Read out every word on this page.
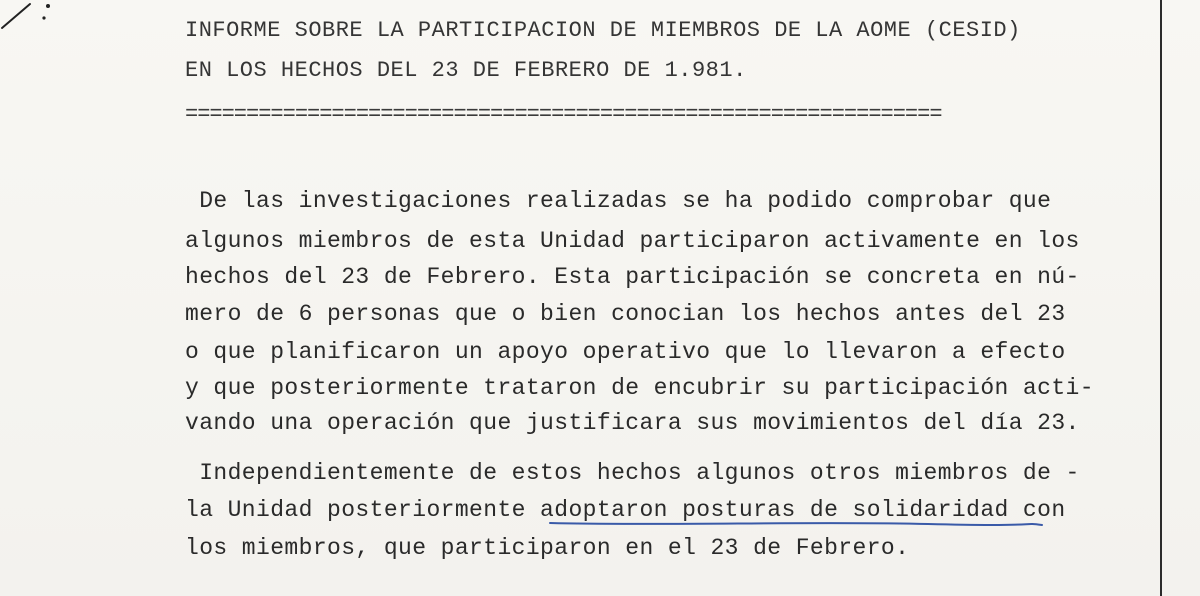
INFORME SOBRE LA PARTICIPACION DE MIEMBROS DE LA AOME (CESID)
EN LOS HECHOS DEL 23 DE FEBRERO DE 1.981.
==============================================================
De las investigaciones realizadas se ha podido comprobar que
algunos miembros de esta Unidad participaron activamente en los
hechos del 23 de Febrero. Esta participación se concreta en nú-
mero de 6 personas que o bien conocian los hechos antes del 23
o que planificaron un apoyo operativo que lo llevaron a efecto
y que posteriormente trataron de encubrir su participación acti-
vando una operación que justificara sus movimientos del día 23.
Independientemente de estos hechos algunos otros miembros de -
la Unidad posteriormente adoptaron posturas de solidaridad con
los miembros, que participaron en el 23 de Febrero.
